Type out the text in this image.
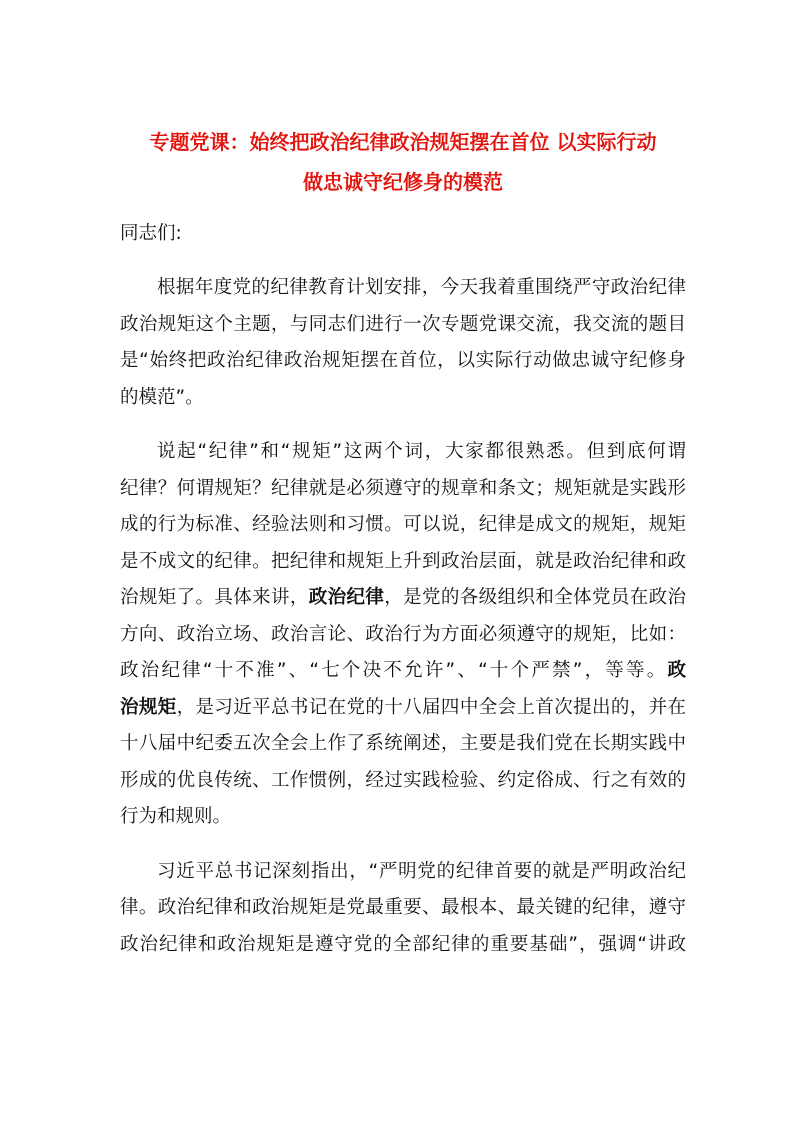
专题党课：始终把政治纪律政治规矩摆在首位 以实际行动
做忠诚守纪修身的模范

同志们:

根据年度党的纪律教育计划安排，今天我着重围绕严守政治纪律
政治规矩这个主题，与同志们进行一次专题党课交流，我交流的题目
是“始终把政治纪律政治规矩摆在首位，以实际行动做忠诚守纪修身
的模范”。

说起“纪律”和“规矩”这两个词，大家都很熟悉。但到底何谓
纪律？何谓规矩？纪律就是必须遵守的规章和条文；规矩就是实践形
成的行为标准、经验法则和习惯。可以说，纪律是成文的规矩，规矩
是不成文的纪律。把纪律和规矩上升到政治层面，就是政治纪律和政
治规矩了。具体来讲，政治纪律，是党的各级组织和全体党员在政治
方向、政治立场、政治言论、政治行为方面必须遵守的规矩，比如：
政治纪律“十不准”、“七个决不允许”、“十个严禁”，等等。政
治规矩，是习近平总书记在党的十八届四中全会上首次提出的，并在
十八届中纪委五次全会上作了系统阐述，主要是我们党在长期实践中
形成的优良传统、工作惯例，经过实践检验、约定俗成、行之有效的
行为和规则。

习近平总书记深刻指出，“严明党的纪律首要的就是严明政治纪
律。政治纪律和政治规矩是党最重要、最根本、最关键的纪律，遵守
政治纪律和政治规矩是遵守党的全部纪律的重要基础”，强调“讲政
